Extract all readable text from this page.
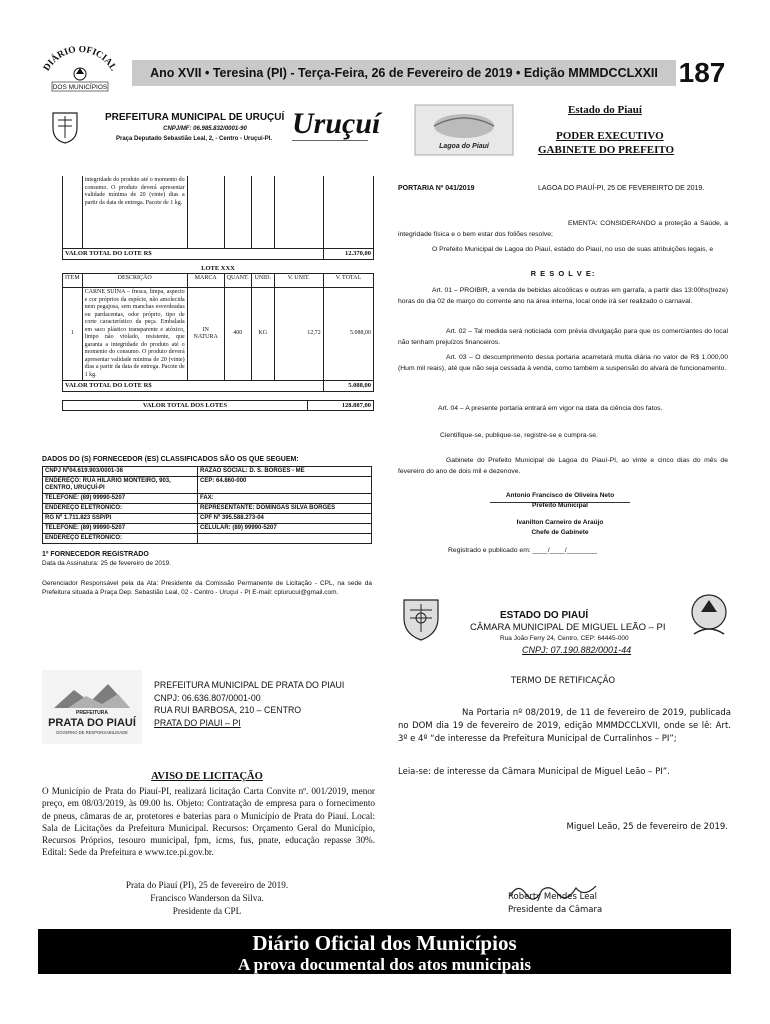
DIÁRIO OFICIAL
DOS MUNICÍPIOS
Ano XVII • Teresina (PI) - Terça-Feira, 26 de Fevereiro de 2019 • Edição MMMDCCLXXII 187
PREFEITURA MUNICIPAL DE URUÇUÍ
CNPJ/MF: 06.985.832/0001-90
Praça Deputado Sebastião Leal, 2, - Centro - Uruçuí-PI. Uruçuí
	integridade do produto até o momento do consumo. O produto deverá apresentar validade mínima de 20 (vinte) dias a partir da data de entrega. Pacote de 1 kg.					
VALOR TOTAL DO LOTE R$						12.370,00
LOTE XXX						
ITEM	DESCRIÇÃO	MARCA	QUANT.	UNID.	V. UNIT.	V. TOTAL
1	CARNE SUÍNA – fresca, limpa, aspecto e cor próprios da espécie, não amolecida nem pegajosa, sem manchas esverdeadas ou pardacentas, odor próprio, tipo de corte característico da peça. Embalada em saco plástico transparente e atóxico, limpo não violado, resistente, que garanta a integridade do produto até o momento do consumo. O produto deverá apresentar validade mínima de 20 (vinte) dias a partir da data de entrega. Pacote de 1 kg.	IN NATURA	400	KG	12,72	5.088,00
VALOR TOTAL DO LOTE R$						5.088,00
VALOR TOTAL DOS LOTES	128.887,00
DADOS DO (S) FORNECEDOR (ES) CLASSIFICADOS SÃO OS QUE SEGUEM:
CNPJ Nº04.619.903/0001-36	RAZÃO SOCIAL: D. S. BORGES - ME
ENDEREÇO: RUA HILÁRIO MONTEIRO, 903, CENTRO, URUÇUÍ-PI	CEP: 64.860-000
TELEFONE: (89) 99990-5207	FAX:
ENDEREÇO ELETRÔNICO:	REPRESENTANTE: DOMINGAS SILVA BORGES
RG Nº 1.711.823 SSP/PI	CPF Nº 395.588.273-04
TELEFONE: (89) 99990-5207	CELULAR: (89) 99990-5207
ENDEREÇO ELETRÔNICO:	
1º FORNECEDOR REGISTRADO
Data da Assinatura: 25 de fevereiro de 2019.
Gerenciador Responsável pela da Ata: Presidente da Comissão Permanente de Licitação - CPL, na sede da Prefeitura situada à Praça Dep. Sebastião Leal, 02 - Centro - Uruçuí - PI E-mail: cplurucui@gmail.com.
Lagoa do Piauí
Estado do Piauí
PODER EXECUTIVO
GABINETE DO PREFEITO
PORTARIA Nº 041/2019	LAGOA DO PIAUÍ-PI, 25 DE FEVEREIRTO DE 2019.
EMENTA: CONSIDERANDO a proteção a Saúde, a integridade física e o bem estar dos foliões resolve;
O Prefeito Municipal de Lagoa do Piauí, estado do Piauí, no uso de suas atribuições legais, e
R E S O L V E:
Art. 01 – PROIBIR, a venda de bebidas alcoólicas e outras em garrafa, a partir das 13:00hs(treze) horas do dia 02 de março do corrente ano na área interna, local onde irá ser realizado o carnaval.
Art. 02 – Tal medida será noticiada com prévia divulgação para que os comerciantes do local não tenham prejuízos financeiros.
Art. 03 – O descumprimento dessa portaria acarretará multa diária no valor de R$ 1.000,00 (Hum mil reais), até que não seja cessada à venda, como também a suspensão do alvará de funcionamento.
Art. 04 – A presente portaria entrará em vigor na data da ciência dos fatos.
Cientifique-se, publique-se, registre-se e cumpra-se.
Gabinete do Prefeito Municipal de Lagoa do Piauí-PI, ao vinte e cinco dias do mês de fevereiro do ano de dois mil e dezenove.
Antonio Francisco de Oliveira Neto
Prefeito Municipal
Ivanilton Carneiro de Araújo
Chefe de Gabinete
Registrado e publicado em: ____/____/________
ESTADO DO PIAUÍ
CÂMARA MUNICIPAL DE MIGUEL LEÃO – PI
Rua João Ferry 24, Centro, CEP: 64445-000
CNPJ: 07.190.882/0001-44
TERMO DE RETIFICAÇÃO
Na Portaria nº 08/2019, de 11 de fevereiro de 2019, publicada no DOM dia 19 de fevereiro de 2019, edição MMMDCCLXVII, onde se lê: Art. 3º e 4º “de interesse da Prefeitura Municipal de Curralinhos – PI”;
Leia-se: de interesse da Câmara Municipal de Miguel Leão – PI”.
Miguel Leão, 25 de fevereiro de 2019.
Roberty Mendes Leal
Presidente da Câmara
PREFEITURA
PRATA DO PIAUÍ
GOVERNO DE RESPONSABILIDADE
PREFEITURA MUNICIPAL DE PRATA DO PIAUI
CNPJ: 06.636.807/0001-00
RUA RUI BARBOSA, 210 – CENTRO
PRATA DO PIAUI – PI
AVISO DE LICITAÇÃO
O Município de Prata do Piauí-PI, realizará licitação Carta Convite nº. 001/2019, menor preço, em 08/03/2019, às 09.00 hs. Objeto: Contratação de empresa para o fornecimento de pneus, câmaras de ar, protetores e baterias para o Município de Prata do Piauí. Local: Sala de Licitações da Prefeitura Municipal. Recursos: Orçamento Geral do Município, Recursos Próprios, tesouro municipal, fpm, icms, fus, pnate, educação repasse 30%. Edital: Sede da Prefeitura e www.tce.pi.gov.br.
Prata do Piauí (PI), 25 de fevereiro de 2019.
Francisco Wanderson da Silva.
Presidente da CPL
Diário Oficial dos Municípios
A prova documental dos atos municipais
